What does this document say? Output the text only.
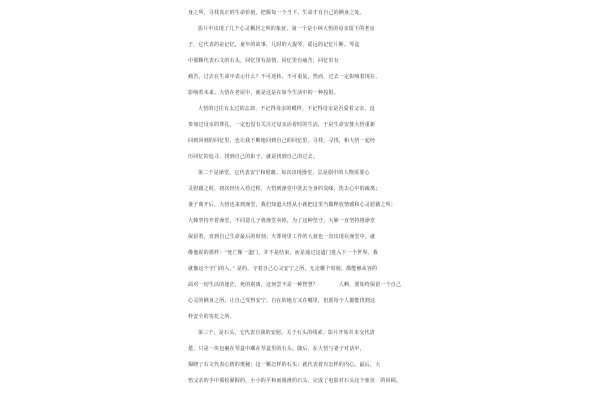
身之所，寻找真正的生命价值，把握每一个当下，生命才有自己的栖身之处。
影片中出现了几个心灵栖居之所的象征，第一个是小林大悟的母亲留下的老房
子，它代表的是记忆，童年的故事，儿时的大提琴，遥远的记忆片断。琴盒
中那颗代表石文的石头，回忆里有温情，回忆里有痛苦，回忆里有
痛苦，过去在生命中表示什么？不可逆转，不可重复，然而，过去一定影响着现在，
影响着未来。大悟在老屋中，就是这是在如今生活中的一种投射。
大悟的过往有太过的忘却，不记得母亲的模样，不记得母亲是否爱着父亲，没
参加过母亲的葬礼，一定也没有关注过母亲活着时的生活，于是生命安排大悟重新
回到回到的回忆里，也让我不断地回到自己的回忆里。寻找，寻找，和大悟一起经
历回忆的追寻，找到自己的影子，就是找到自己的过去。
第二个是澡堂。它代表安宁和慰藉。每次出现澡堂，总是剧中的人物需要心
灵慰藉之时，初次经历入殓过程，大悟到澡堂中洗去全身的臭味，洗去心中的疏离；
妻子离开后，大悟也来到澡堂，我们知道大悟从小就把这里当做释放情感和心灵慰藉之所；
大婶坚持开着澡堂，不同意儿子将澡堂卖掉，为了这种坚守，大婶一直坚持将澡堂
保留着，直到自己生命最后的时刻；火葬场里工作的大叔也一直出现在澡堂中，就
像他说的那样：“死亡像一道门，并不是结束，而是通过这道门进入下一个世界。我
就像这个守门的人。” 是的，守着自己心灵安宁之所，无论哪个时刻，都能够从容的
面对一切生活的迷茫，死的别离，这何尝不是一种智慧？　　　　人啊，要始终保留一个自己
心灵的栖身之所，让自己受得安宁，自在的地方又在哪里，但愿每个人都能找到这
样安全的寄托之所。
第三个，是石头，它代表自我的安慰。关于石头的线索，影片开始并未交代清
楚，只是一块包裹在琴盒中藏在琴盒里的石头。随后，在大悟与妻子对话中，
揭晓了石文代表心情的奥秘；这一颗怎样的石头；就代表着有怎样的内心。最后，大
悟父亲的手中那枚紧握的，小小的平和而圆滑的石头，完成了电影对石头这个象征　的回顾。
